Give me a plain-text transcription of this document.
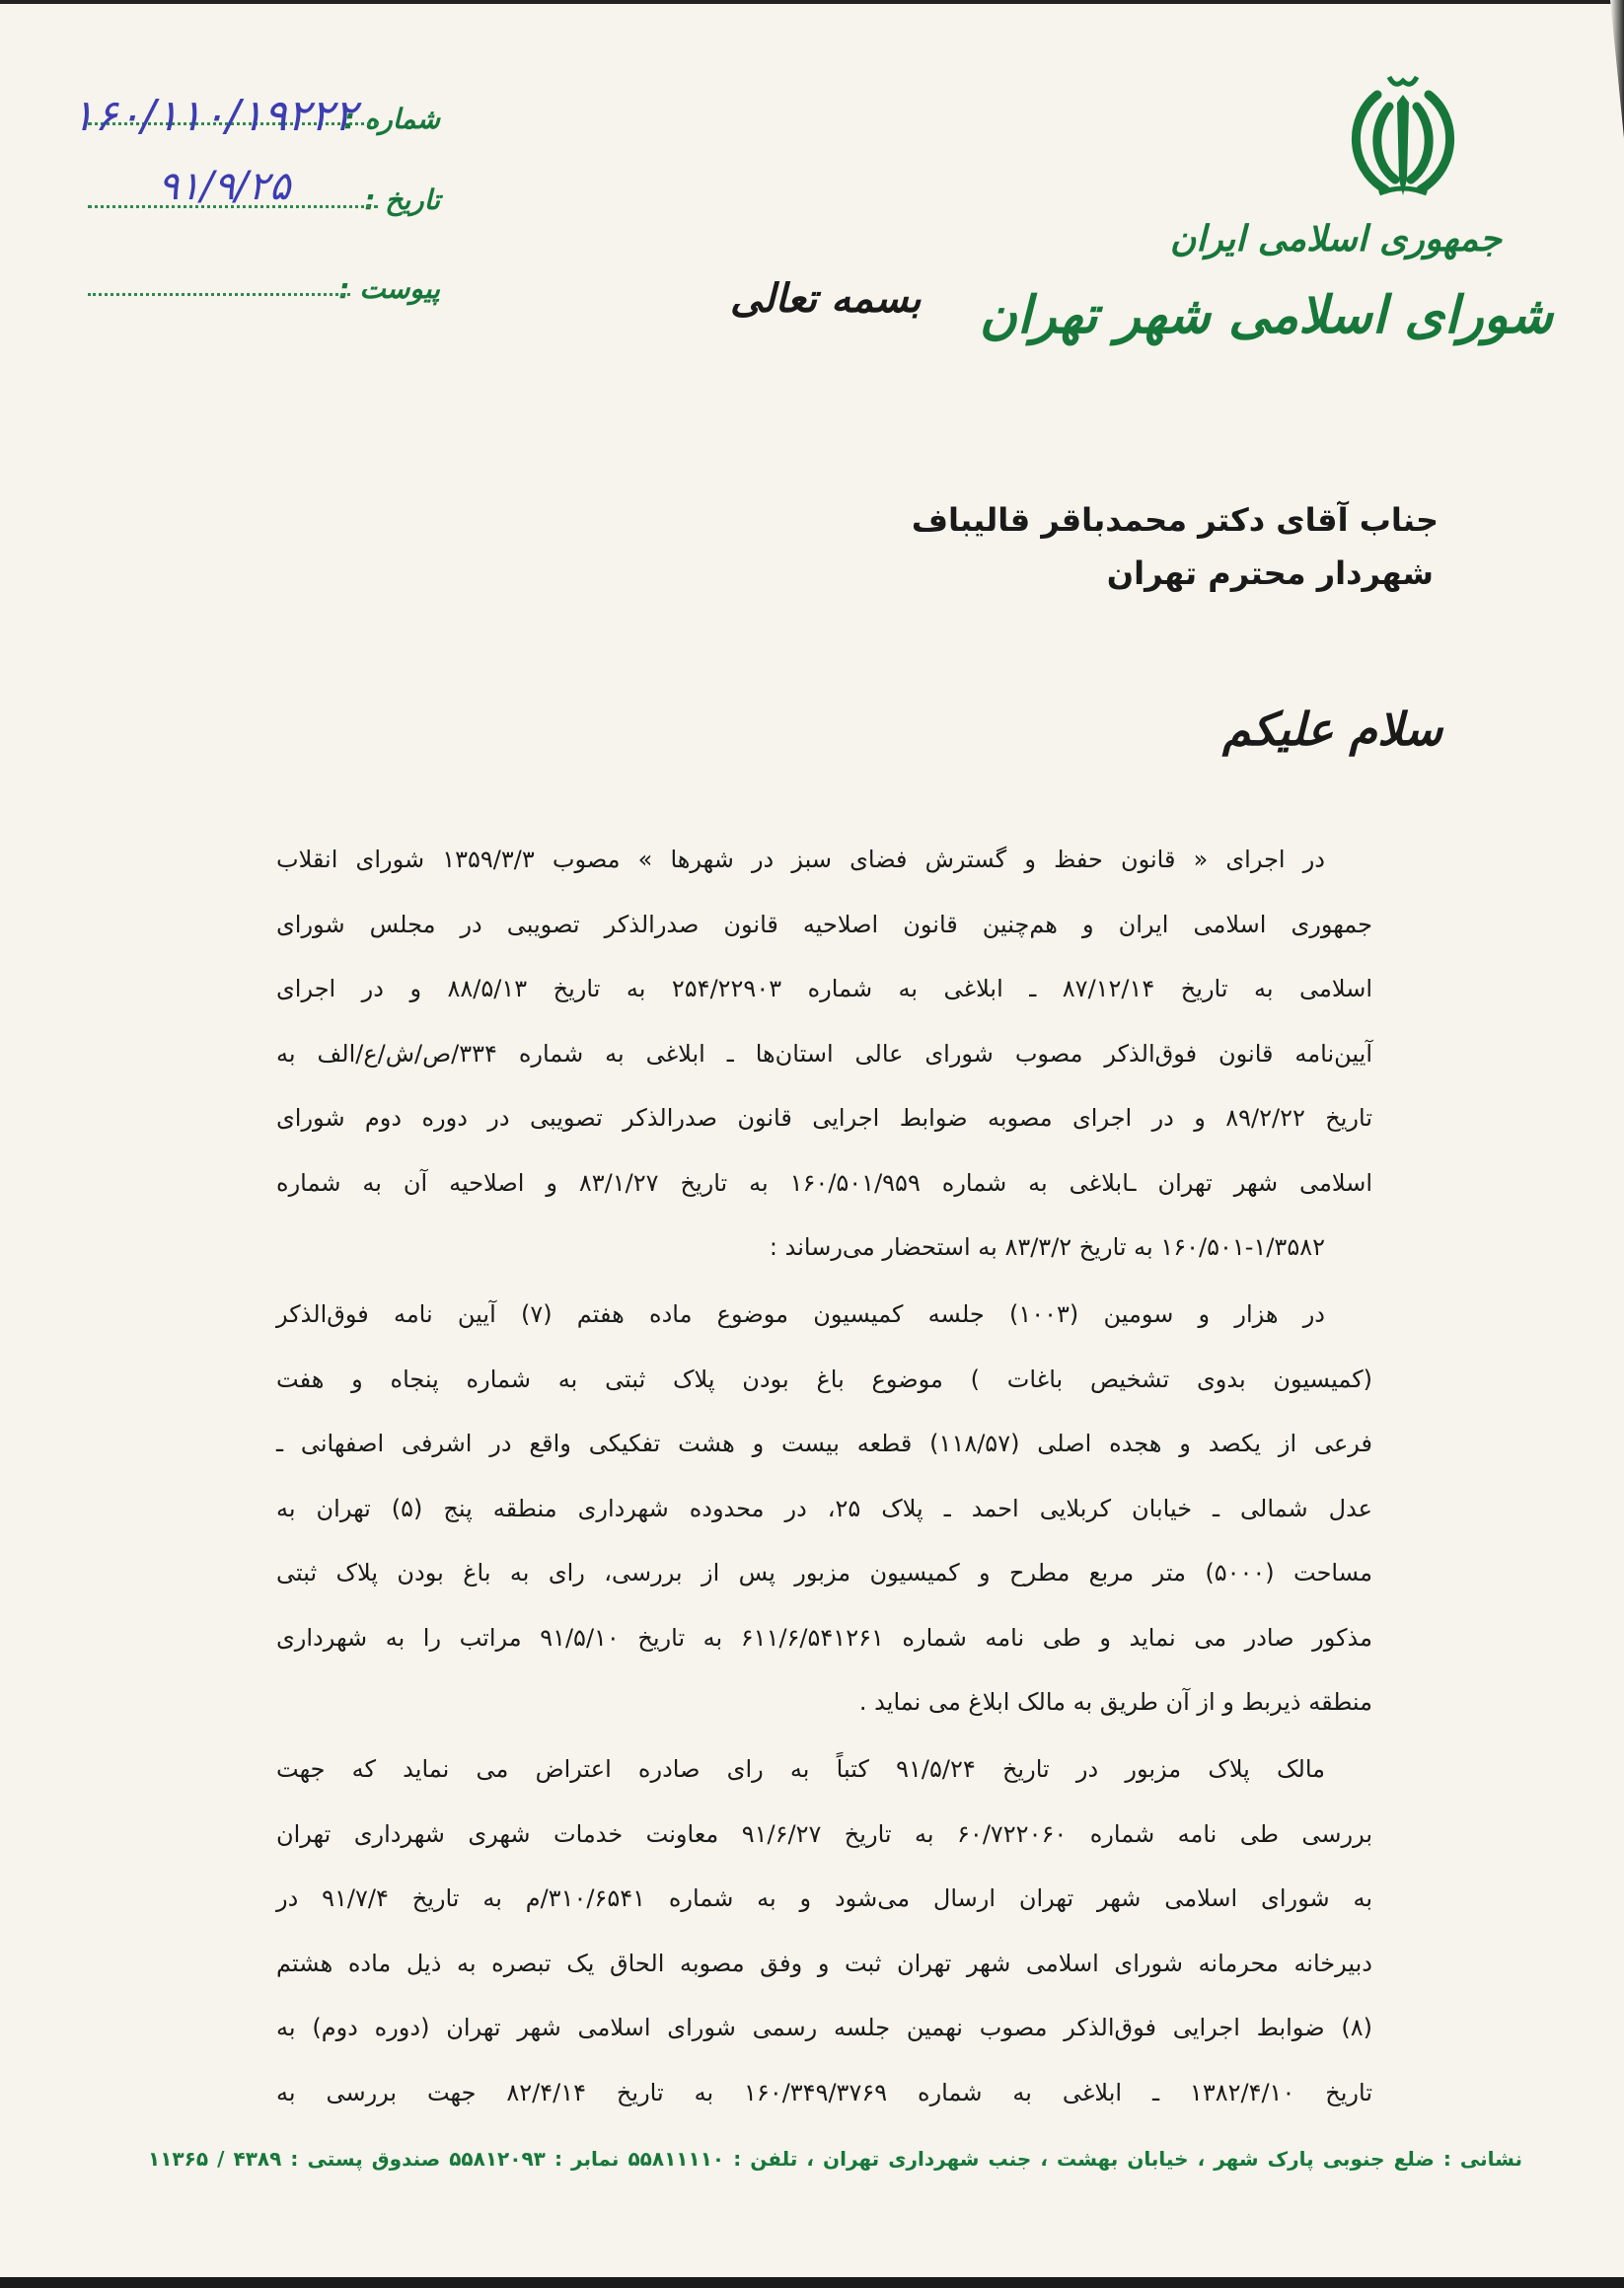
جمهوری اسلامی ایران
شورای اسلامی شهر تهران
بسمه تعالی
شماره :
۱۶۰/۱۱۰/۱۹۲۲۲
تاریخ :
۹۱/۹/۲۵
پیوست :
جناب آقای دکتر محمدباقر قالیباف
شهردار محترم تهران
سلام علیکم
در اجرای « قانون حفظ و گسترش فضای سبز در شهرها » مصوب ۱۳۵۹/۳/۳ شورای انقلاب
جمهوری اسلامی ایران و هم‌چنین قانون اصلاحیه قانون صدرالذکر تصویبی در مجلس شورای
اسلامی به تاریخ ۸۷/۱۲/۱۴ ـ ابلاغی به شماره ۲۵۴/۲۲۹۰۳ به تاریخ ۸۸/۵/۱۳ و در اجرای
آیین‌نامه قانون فوق‌الذکر مصوب شورای عالی استان‌ها ـ ابلاغی به شماره ۳۳۴/ص/ش/ع/الف به
تاریخ ۸۹/۲/۲۲ و در اجرای مصوبه ضوابط اجرایی قانون صدرالذکر تصویبی در دوره دوم شورای
اسلامی شهر تهران ـابلاغی به شماره ۱۶۰/۵۰۱/۹۵۹ به تاریخ ۸۳/۱/۲۷ و اصلاحیه آن به شماره
۱۶۰/۵۰۱-۱/۳۵۸۲ به تاریخ ۸۳/۳/۲ به استحضار می‌رساند :
در هزار و سومین (۱۰۰۳) جلسه کمیسیون موضوع ماده هفتم (۷) آیین نامه فوق‌الذکر
(کمیسیون بدوی تشخیص باغات ) موضوع باغ بودن پلاک ثبتی به شماره پنجاه و هفت
فرعی از یکصد و هجده اصلی (۱۱۸/۵۷) قطعه بیست و هشت تفکیکی واقع در اشرفی اصفهانی ـ
عدل شمالی ـ خیابان کربلایی احمد ـ پلاک ۲۵، در محدوده شهرداری منطقه پنج (۵) تهران به
مساحت (۵۰۰۰) متر مربع مطرح و کمیسیون مزبور پس از بررسی، رای به باغ بودن پلاک ثبتی
مذکور صادر می نماید و طی نامه شماره ۶۱۱/۶/۵۴۱۲۶۱ به تاریخ ۹۱/۵/۱۰ مراتب را به شهرداری
منطقه ذیربط و از آن طریق به مالک ابلاغ می نماید .
مالک پلاک مزبور در تاریخ ۹۱/۵/۲۴ کتباً به رای صادره اعتراض می نماید که جهت
بررسی طی نامه شماره ۶۰/۷۲۲۰۶۰ به تاریخ ۹۱/۶/۲۷ معاونت خدمات شهری شهرداری تهران
به شورای اسلامی شهر تهران ارسال می‌شود و به شماره ۳۱۰/۶۵۴۱/م به تاریخ ۹۱/۷/۴ در
دبیرخانه محرمانه شورای اسلامی شهر تهران ثبت و وفق مصوبه الحاق یک تبصره به ذیل ماده هشتم
(۸) ضوابط اجرایی فوق‌الذکر مصوب نهمین جلسه رسمی شورای اسلامی شهر تهران (دوره دوم) به
تاریخ ۱۳۸۲/۴/۱۰ ـ ابلاغی به شماره ۱۶۰/۳۴۹/۳۷۶۹ به تاریخ ۸۲/۴/۱۴ جهت بررسی به
نشانی : ضلع جنوبی پارک شهر ، خیابان بهشت ، جنب شهرداری تهران ، تلفن : ۵۵۸۱۱۱۱۰ نمابر : ۵۵۸۱۲۰۹۳ صندوق پستی : ۴۳۸۹ / ۱۱۳۶۵
